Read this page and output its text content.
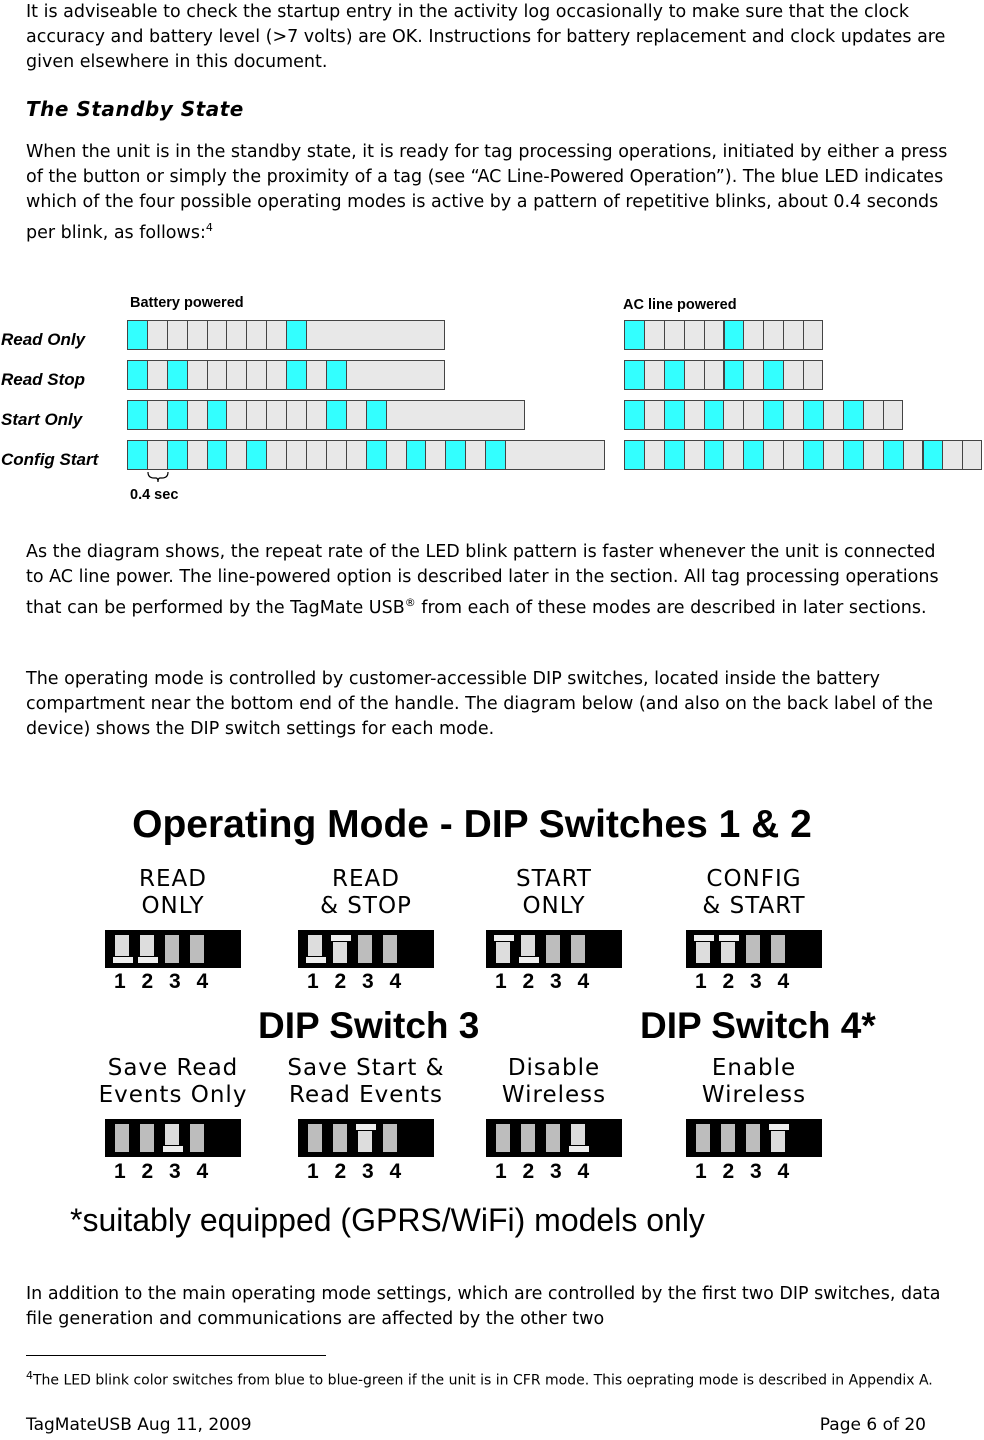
It is adviseable to check the startup entry in the activity log occasionally to make sure that the clock accuracy and battery level (>7 volts) are OK. Instructions for battery replacement and clock updates are given elsewhere in this document.

The Standby State

When the unit is in the standby state, it is ready for tag processing operations, initiated by either a press of the button or simply the proximity of a tag (see “AC Line-Powered Operation”). The blue LED indicates which of the four possible operating modes is active by a pattern of repetitive blinks, about 0.4 seconds per blink, as follows:$^4$

Battery powered	AC line powered
0.4 sec
Read Only
Read Stop
Start Only
Config Start

As the diagram shows, the repeat rate of the LED blink pattern is faster whenever the unit is connected to AC line power. The line-powered option is described later in the section. All tag processing operations that can be performed by the TagMate USB® from each of these modes are described in later sections.

The operating mode is controlled by customer-accessible DIP switches, located inside the battery compartment near the bottom end of the handle. The diagram below (and also on the back label of the device) shows the DIP switch settings for each mode.

Operating Mode - DIP Switches 1 & 2
DIP Switch 3	DIP Switch 4*
READ
ONLY
1 2 3 4
READ
& STOP
1 2 3 4
START
ONLY
1 2 3 4
CONFIG
& START
1 2 3 4
Save Read
Events Only
1 2 3 4
Save Start &
Read Events
1 2 3 4
Disable
Wireless
1 2 3 4
Enable
Wireless
1 2 3 4
*suitably equipped (GPRS/WiFi) models only

In addition to the main operating mode settings, which are controlled by the first two DIP switches, data file generation and communications are affected by the other two

$^4$The LED blink color switches from blue to blue-green if the unit is in CFR mode. This oeprating mode is described in Appendix A.
TagMateUSB Aug 11, 2009	Page 6 of 20
